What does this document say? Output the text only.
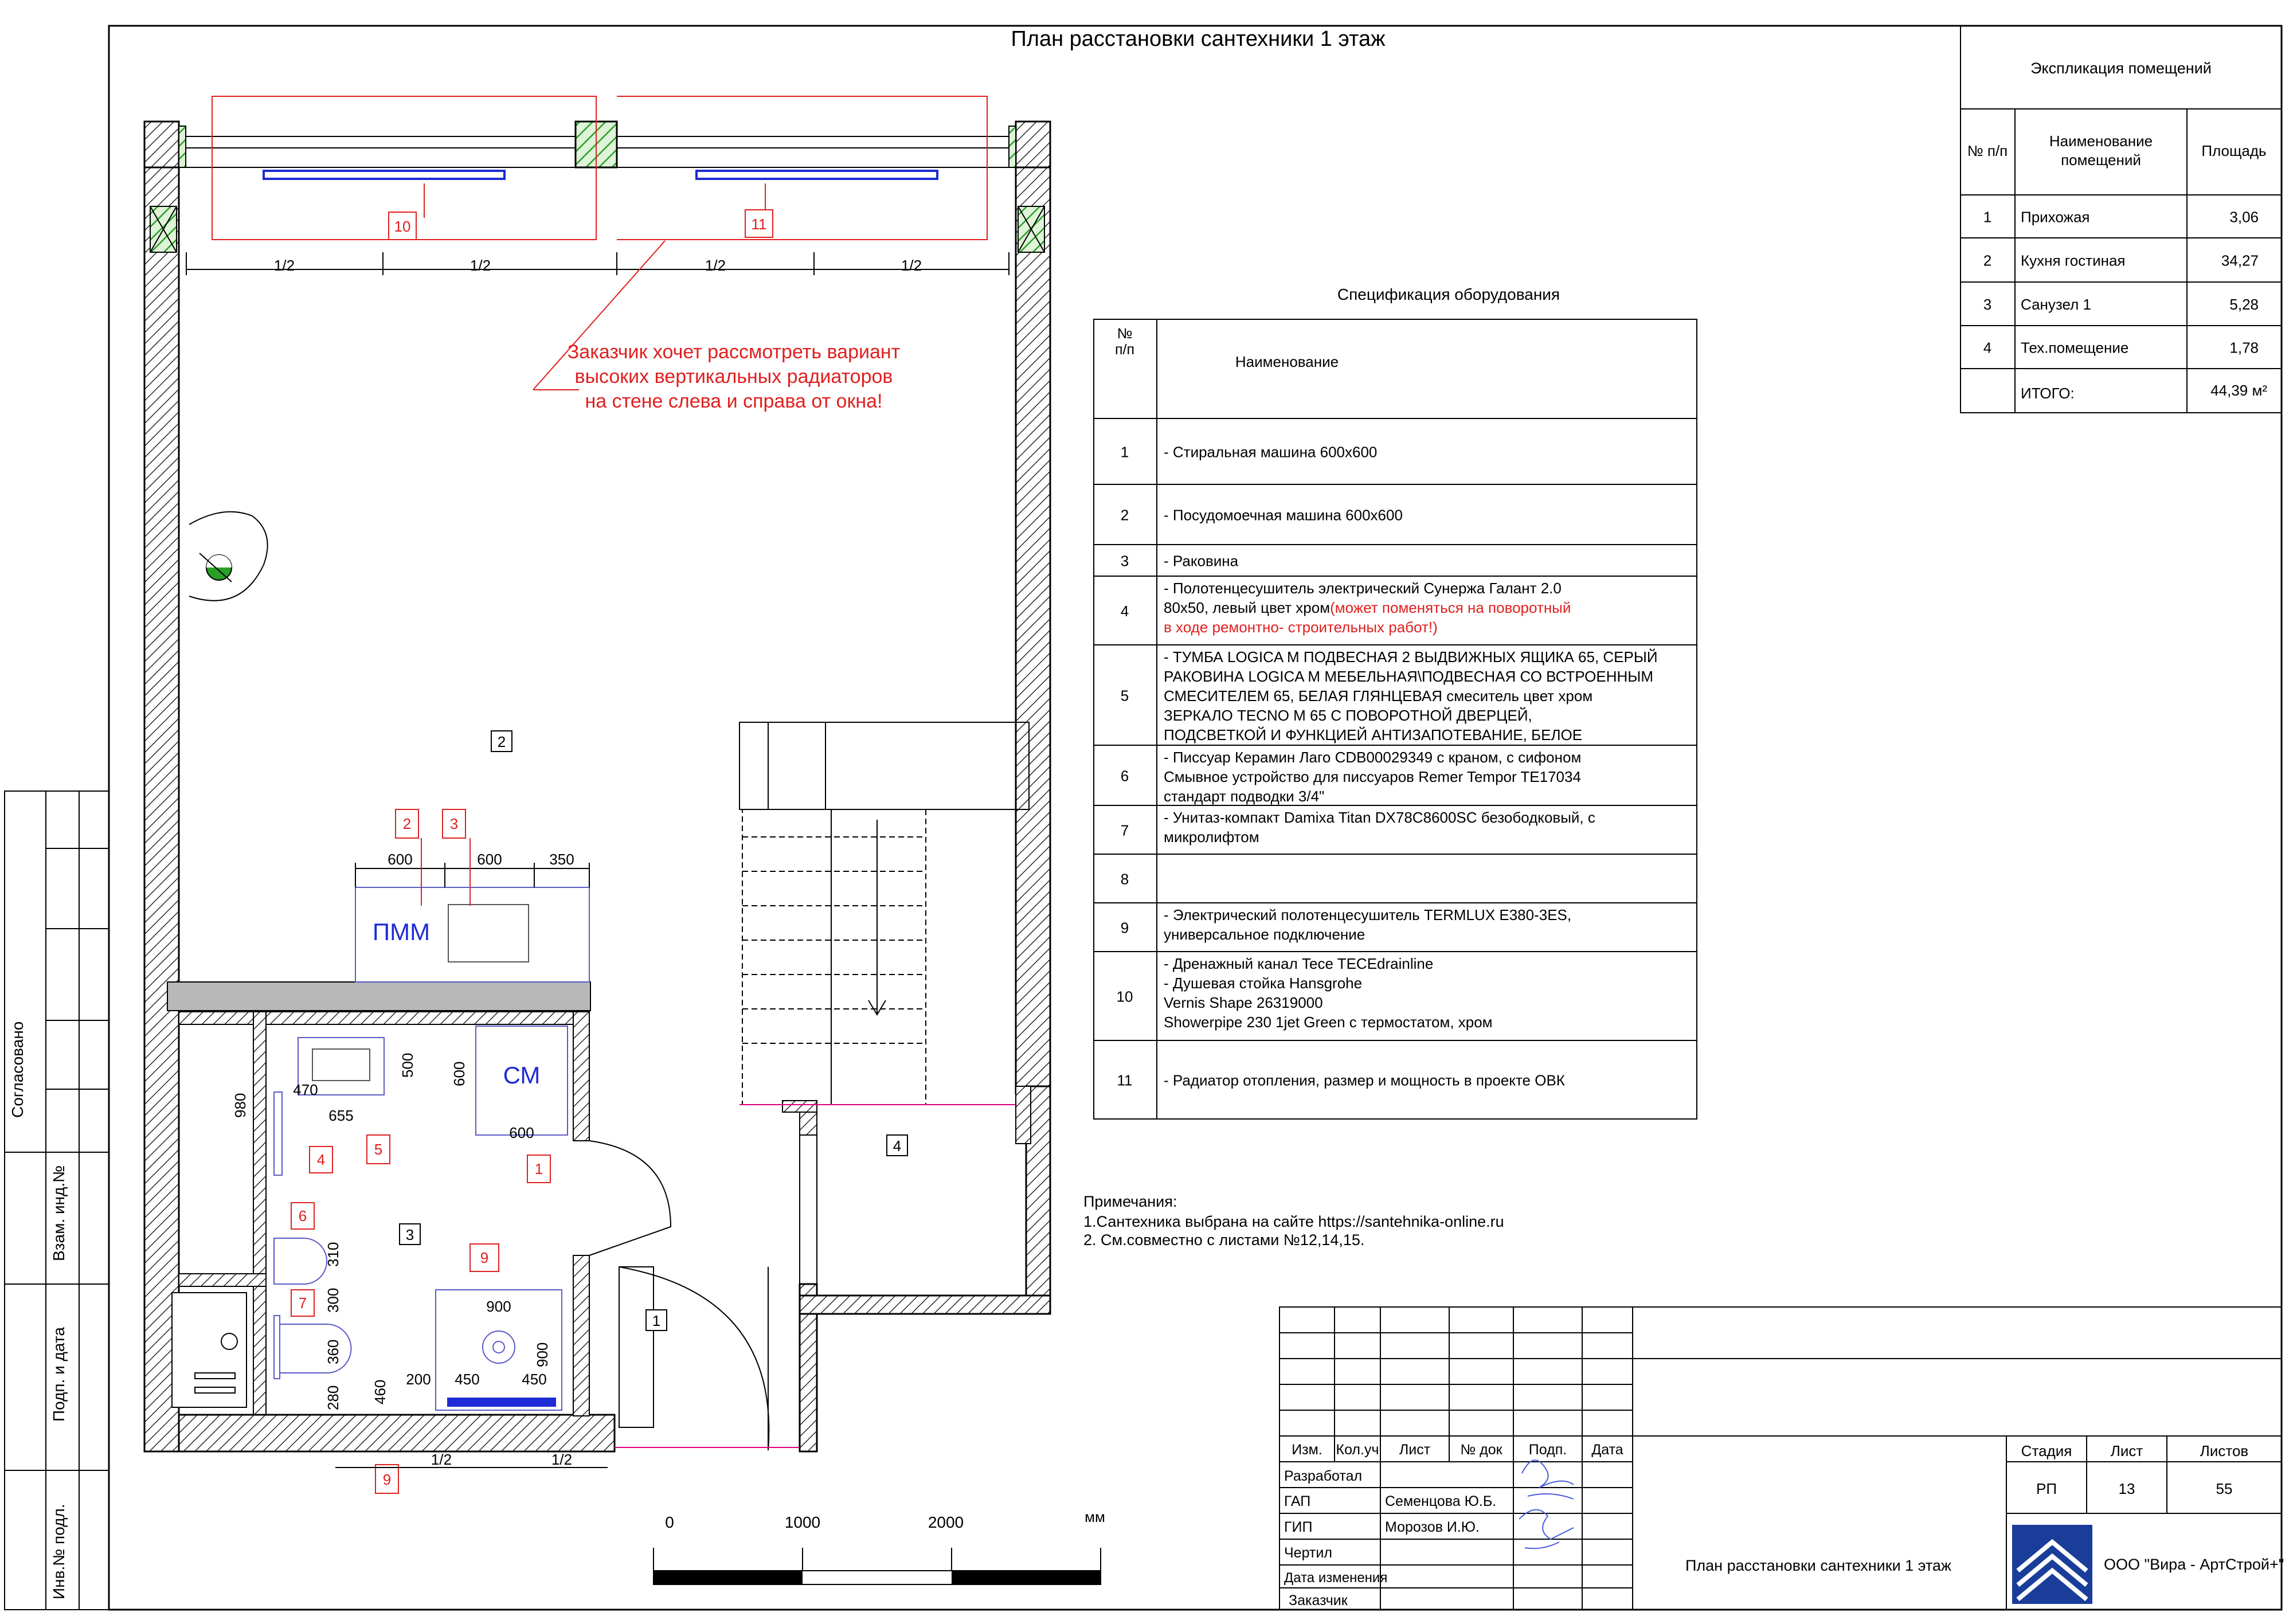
План расстановки сантехники 1 этаж
Согласовано
Взам. инд.№
Подп. и дата
Инв.№ подл.
1/2	1/2	1/2	1/2
10	11
Заказчик хочет рассмотреть вариант
высоких вертикальных радиаторов
на стене слева и справа от окна!
2
ПММ
600	600	350
2	3
СМ
470
500
655
980
600
600
310
300
360
280 460
200 450	450
900
900
5
4
6
7
1
9
9
3
1/2	1/2
1
4
0	1000	2000	мм
Спецификация оборудования
№
п/п
Наименование
1 - Стиральная машина 600х600
2 - Посудомоечная машина 600х600
3 - Раковина
4
- Полотенцесушитель электрический Сунержа Галант 2.0
80х50, левый цвет хром (может поменяться на поворотный
в ходе ремонтно- строительных работ!)
5
- ТУМБА LOGICA M ПОДВЕСНАЯ 2 ВЫДВИЖНЫХ ЯЩИКА 65, СЕРЫЙ
РАКОВИНА LOGICA M МЕБЕЛЬНАЯ\ПОДВЕСНАЯ СО ВСТРОЕННЫМ
СМЕСИТЕЛЕМ 65, БЕЛАЯ ГЛЯНЦЕВАЯ смеситель цвет хром
ЗЕРКАЛО TECNO M 65 С ПОВОРОТНОЙ ДВЕРЦЕЙ,
ПОДСВЕТКОЙ И ФУНКЦИЕЙ АНТИЗАПОТЕВАНИЕ, БЕЛОЕ
6
- Писсуар Керамин Лаго CDB00029349 с краном, с сифоном
Смывное устройство для писсуаров Remer Tempor TE17034
стандарт подводки 3/4"
7
- Унитаз-компакт Damixa Titan DX78C8600SC безободковый, с
микролифтом
8
9
- Электрический полотенцесушитель TERMLUX E380-3ES,
универсальное подключение
10
- Дренажный канал Tece TECEdrainline
- Душевая стойка Hansgrohe
Vernis Shape 26319000
Showerpipe 230 1jet Green с термостатом, хром
11 - Радиатор отопления, размер и мощность в проекте ОВК
Примечания:
1.Сантехника выбрана на сайте https://santehnika-online.ru
2. См.совместно с листами №12,14,15.
Экспликация помещений
№ п/п
Наименование
помещений
Площадь
1 Прихожая	3,06
2 Кухня гостиная	34,27
3 Санузел 1	5,28
4 Тех.помещение	1,78
ИТОГО:	44,39 м²
Изм. Кол.уч Лист № док Подп. Дата
Разработал
ГАП	Семенцова Ю.Б.
ГИП	Морозов И.Ю.
Чертил
Дата изменения
Заказчик
Стадия	Лист	Листов
РП	13	55
План расстановки сантехники 1 этаж	ООО "Вира - АртСтрой+"
